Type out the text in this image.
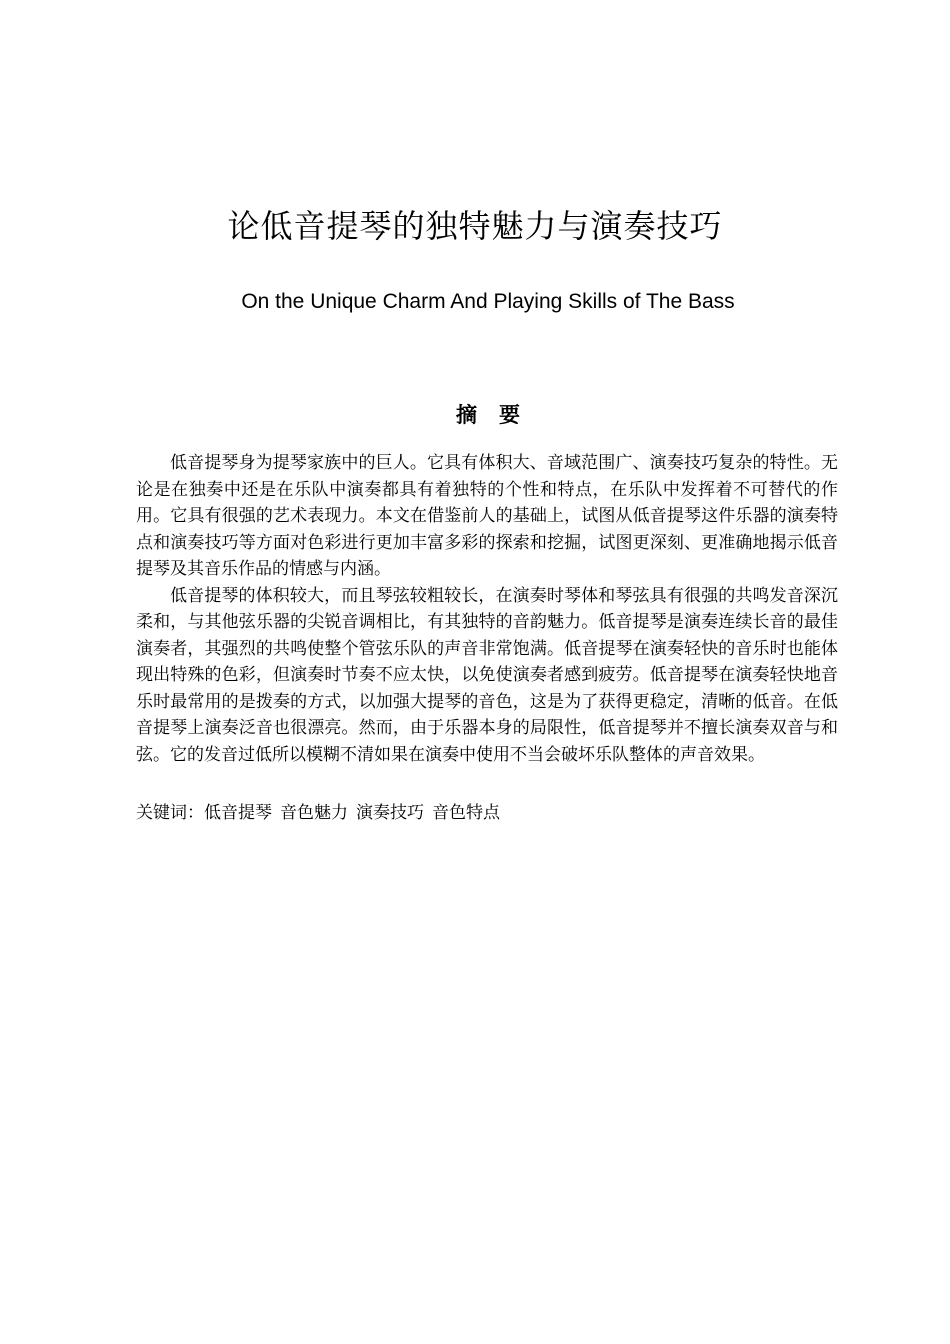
论低音提琴的独特魅力与演奏技巧
On the Unique Charm And Playing Skills of The Bass
摘 要

低音提琴身为提琴家族中的巨人。它具有体积大、音域范围广、演奏技巧复杂的特性。无论是在独奏中还是在乐队中演奏都具有着独特的个性和特点，在乐队中发挥着不可替代的作用。它具有很强的艺术表现力。本文在借鉴前人的基础上，试图从低音提琴这件乐器的演奏特点和演奏技巧等方面对色彩进行更加丰富多彩的探索和挖掘，试图更深刻、更准确地揭示低音提琴及其音乐作品的情感与内涵。

低音提琴的体积较大，而且琴弦较粗较长，在演奏时琴体和琴弦具有很强的共鸣发音深沉柔和，与其他弦乐器的尖锐音调相比，有其独特的音韵魅力。低音提琴是演奏连续长音的最佳演奏者，其强烈的共鸣使整个管弦乐队的声音非常饱满。低音提琴在演奏轻快的音乐时也能体现出特殊的色彩，但演奏时节奏不应太快，以免使演奏者感到疲劳。低音提琴在演奏轻快地音乐时最常用的是拨奏的方式，以加强大提琴的音色，这是为了获得更稳定，清晰的低音。在低音提琴上演奏泛音也很漂亮。然而，由于乐器本身的局限性，低音提琴并不擅长演奏双音与和弦。它的发音过低所以模糊不清如果在演奏中使用不当会破坏乐队整体的声音效果。

关键词：低音提琴 音色魅力 演奏技巧 音色特点
